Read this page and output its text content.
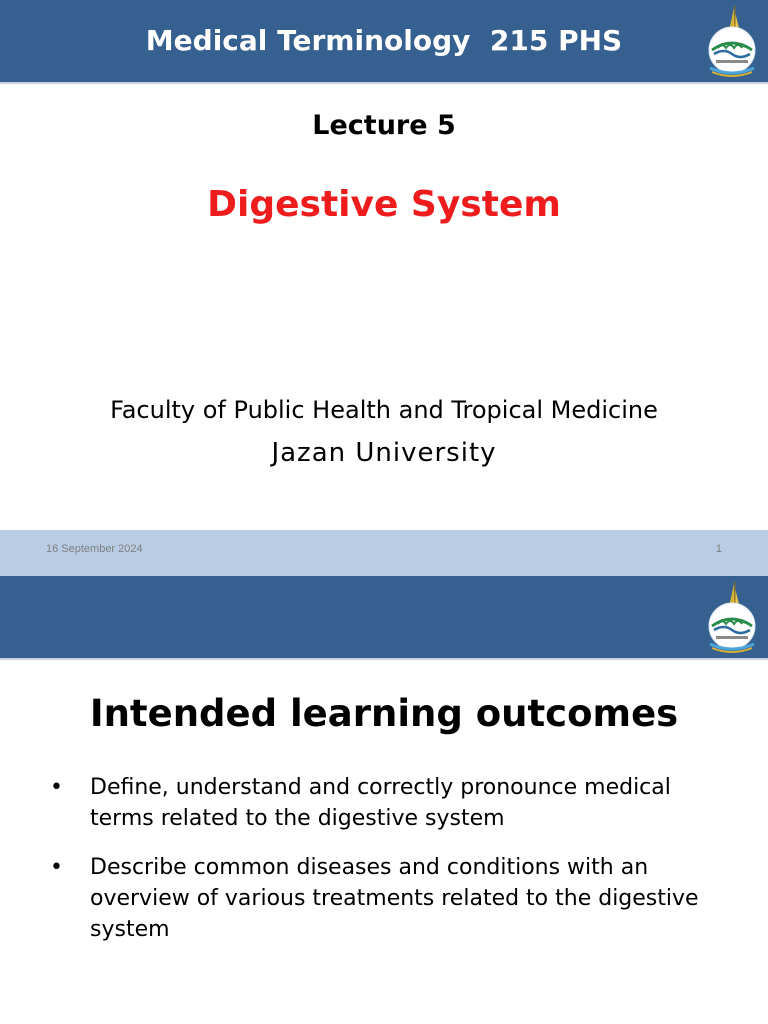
Medical Terminology  215 PHS
Lecture 5
Digestive System
Faculty of Public Health and Tropical Medicine
Jazan University
16 September 2024	1
Intended learning outcomes
• Define, understand and correctly pronounce medical terms related to the digestive system
• Describe common diseases and conditions with an overview of various treatments related to the digestive system
